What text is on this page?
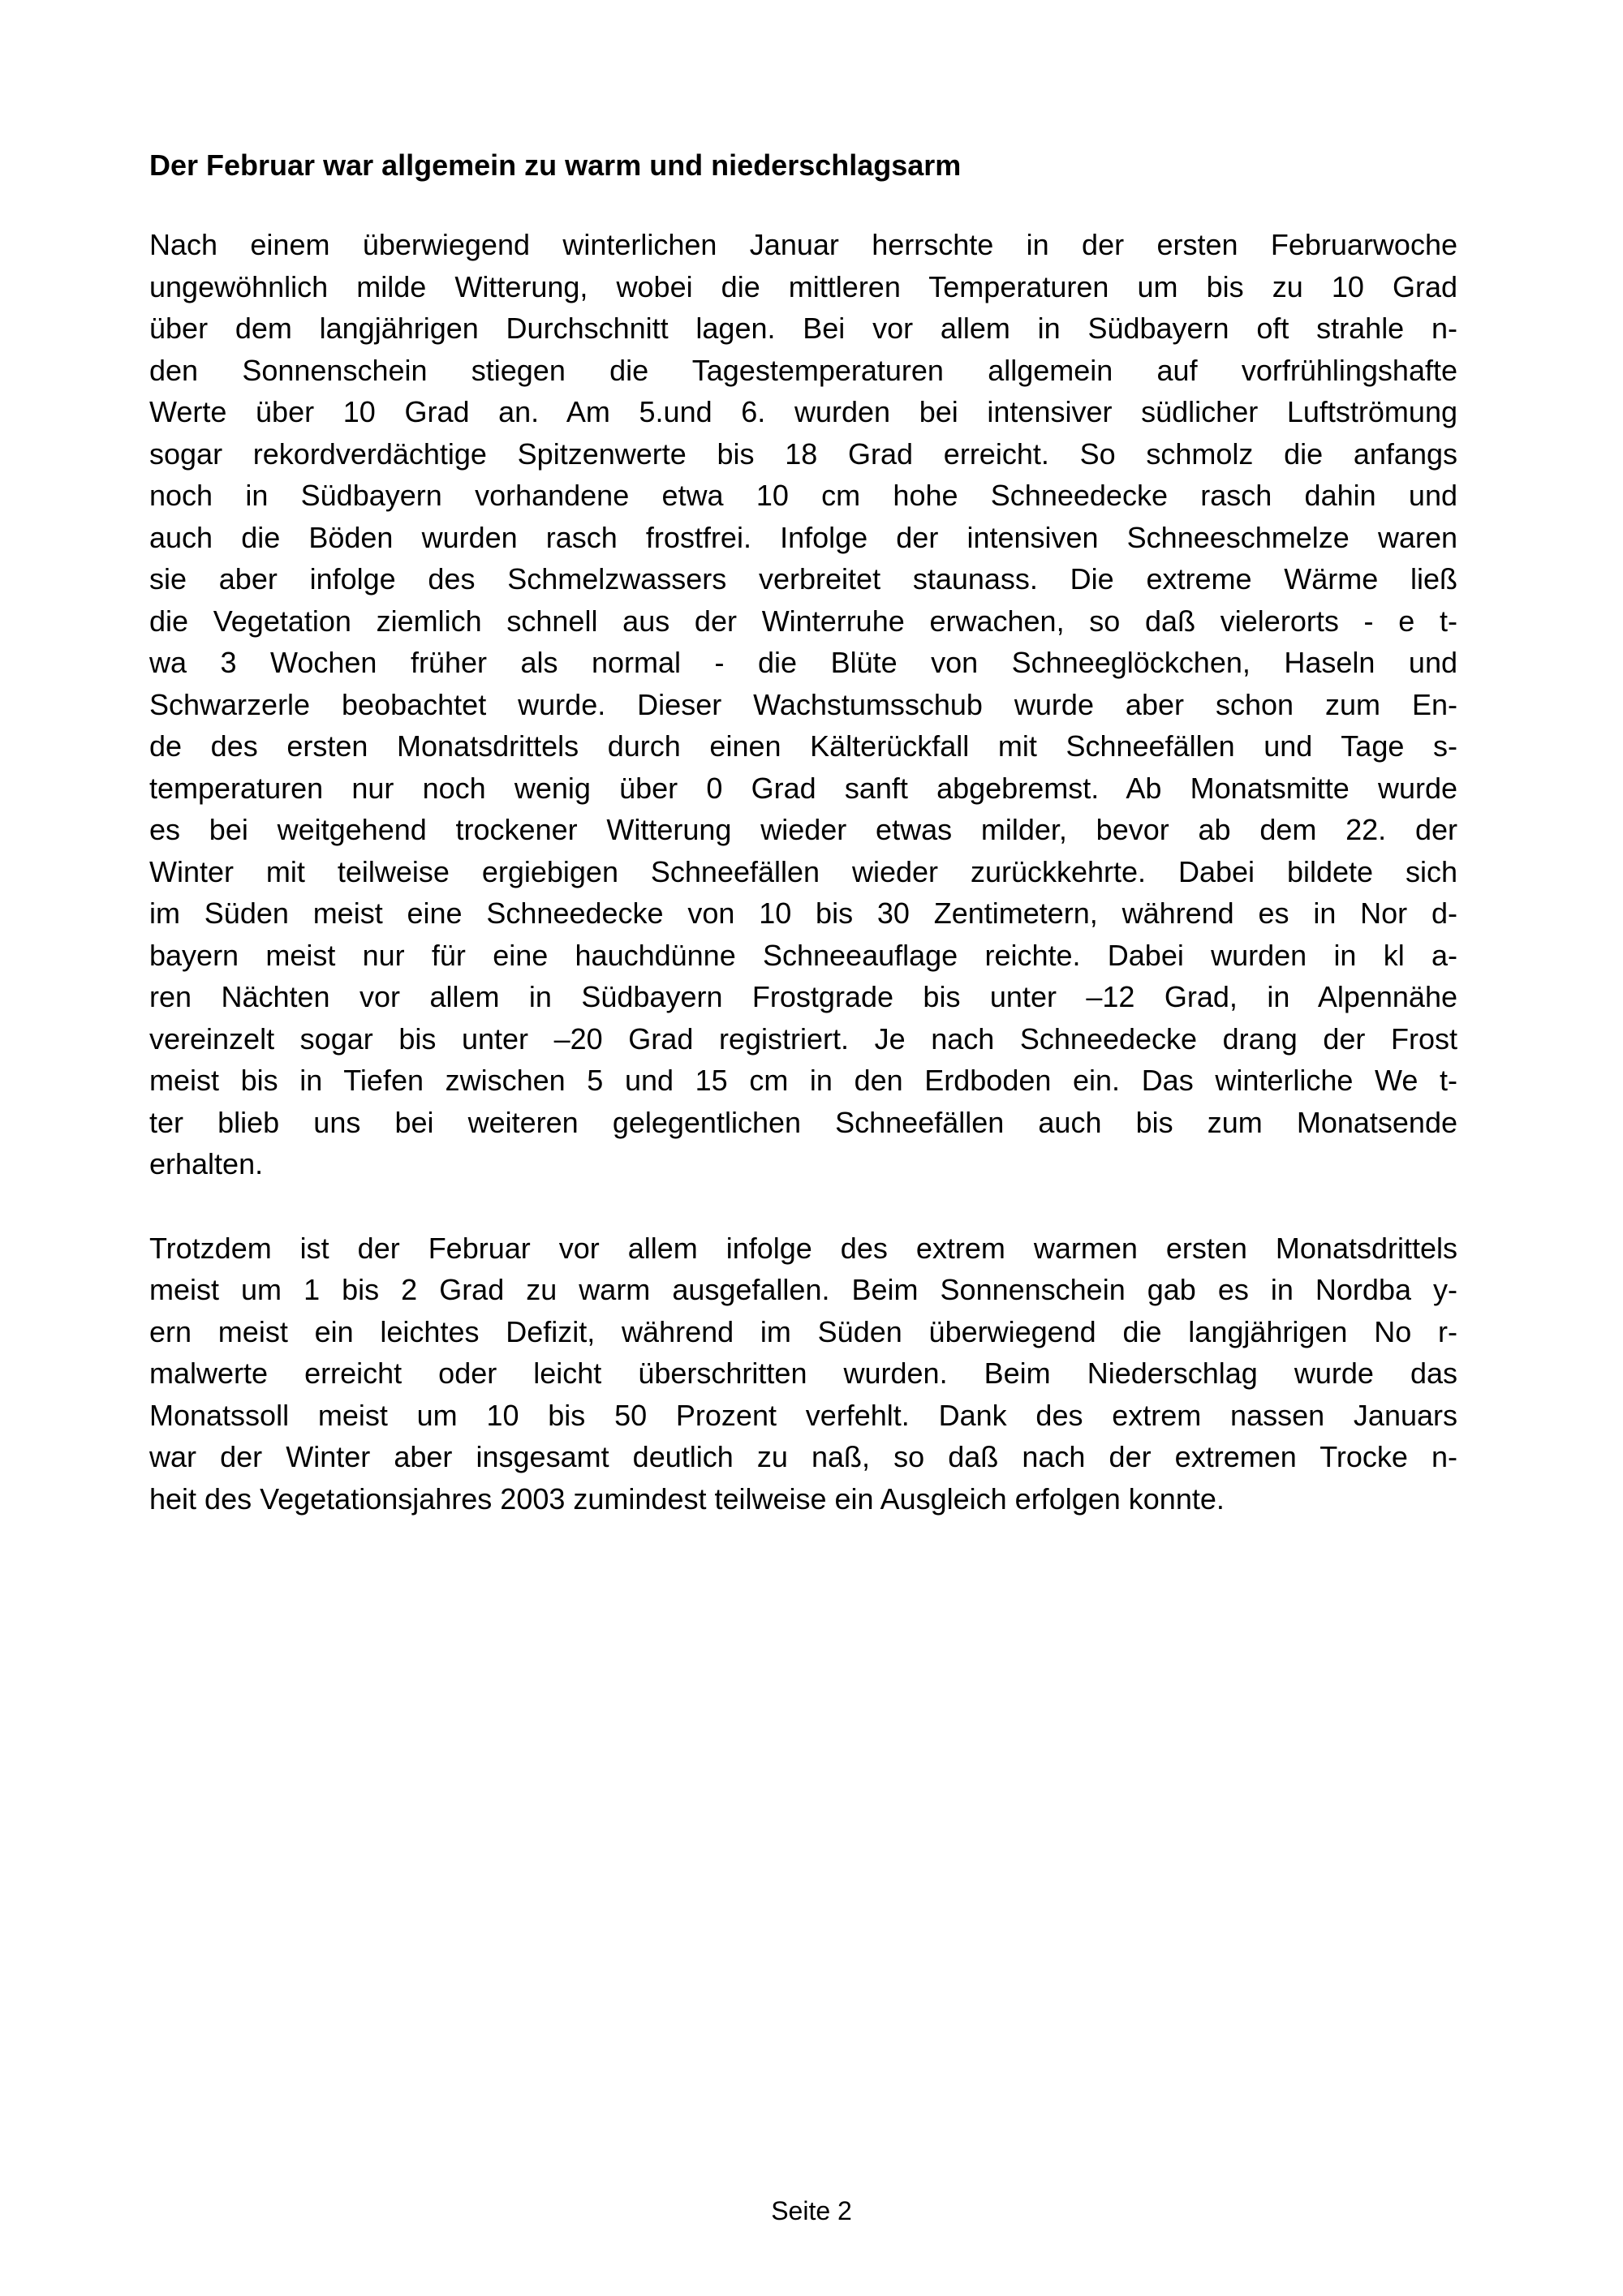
Der Februar war allgemein zu warm und niederschlagsarm
Nach einem überwiegend winterlichen Januar herrschte in der ersten Februarwoche
ungewöhnlich milde Witterung, wobei die mittleren Temperaturen um bis zu 10 Grad
über dem langjährigen Durchschnitt lagen. Bei vor allem in Südbayern oft strahle n-
den Sonnenschein stiegen die Tagestemperaturen allgemein auf vorfrühlingshafte
Werte über 10 Grad an. Am 5.und 6. wurden bei intensiver südlicher Luftströmung
sogar rekordverdächtige Spitzenwerte bis 18 Grad erreicht. So schmolz die anfangs
noch in Südbayern vorhandene etwa 10 cm hohe Schneedecke rasch dahin und
auch die Böden wurden rasch frostfrei. Infolge der intensiven Schneeschmelze waren
sie aber infolge des Schmelzwassers verbreitet staunass. Die extreme Wärme ließ
die Vegetation ziemlich schnell aus der Winterruhe erwachen, so daß vielerorts - e t-
wa 3 Wochen früher als normal - die Blüte von Schneeglöckchen, Haseln und
Schwarzerle beobachtet wurde. Dieser Wachstumsschub wurde aber schon zum En-
de des ersten Monatsdrittels durch einen Kälterückfall mit Schneefällen und Tage s-
temperaturen nur noch wenig über 0 Grad sanft abgebremst. Ab Monatsmitte wurde
es bei weitgehend trockener Witterung wieder etwas milder, bevor ab dem 22. der
Winter mit teilweise ergiebigen Schneefällen wieder zurückkehrte. Dabei bildete sich
im Süden meist eine Schneedecke von 10 bis 30 Zentimetern, während es in Nor d-
bayern meist nur für eine hauchdünne Schneeauflage reichte. Dabei wurden in kl a-
ren Nächten vor allem in Südbayern Frostgrade bis unter –12 Grad, in Alpennähe
vereinzelt sogar bis unter –20 Grad registriert. Je nach Schneedecke drang der Frost
meist bis in Tiefen zwischen 5 und 15 cm in den Erdboden ein. Das winterliche We t-
ter blieb uns bei weiteren gelegentlichen Schneefällen auch bis zum Monatsende
erhalten.
Trotzdem ist der Februar vor allem infolge des extrem warmen ersten Monatsdrittels
meist um 1 bis 2 Grad zu warm ausgefallen. Beim Sonnenschein gab es in Nordba y-
ern meist ein leichtes Defizit, während im Süden überwiegend die langjährigen No r-
malwerte erreicht oder leicht überschritten wurden. Beim Niederschlag wurde das
Monatssoll meist um 10 bis 50 Prozent verfehlt. Dank des extrem nassen Januars
war der Winter aber insgesamt deutlich zu naß, so daß nach der extremen Trocke n-
heit des Vegetationsjahres 2003 zumindest teilweise ein Ausgleich erfolgen konnte.
Seite 2
